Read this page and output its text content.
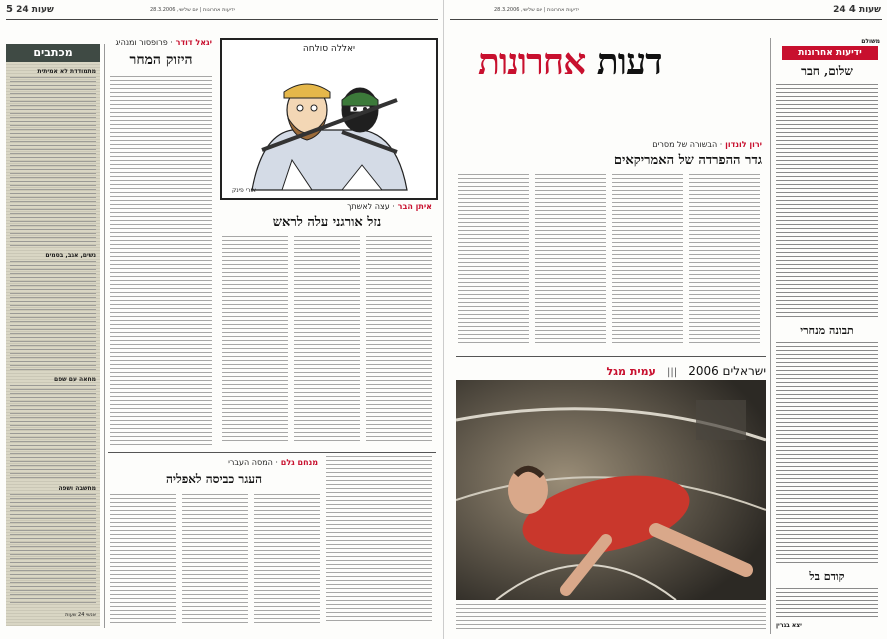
5 24 שעות	ידיעות אחרונות | יום שלישי, 28.3.2006
מכתבים
מתמודדת לא אמיתית
נשים, אגב, בסמים
מחאה עם שפם
מחשבה ושפה
אנשי 24 שעות
יגאל דודר · פרופסור ומנהיג
היזוק המחר
יאללה סולחה
אורי פינק
איתן הבר · עצה לאשתך
נזל אורגני עלה לראש
מנחם גלם · המסה העברי
העגר כביסה לאפליה
24 שעות 4
ידיעות אחרונות | יום שלישי, 28.3.2006
דעות אחרונות	משולם
ידיעות אחרונות
שלום, חבר
תבונה מנחרי
קודם בל
יצא בגרין
ירון לונדון · הבשורה של מסרים
גדר ההפרדה של האמריקאים
ישראלים 2006 ||| עמית מגל
